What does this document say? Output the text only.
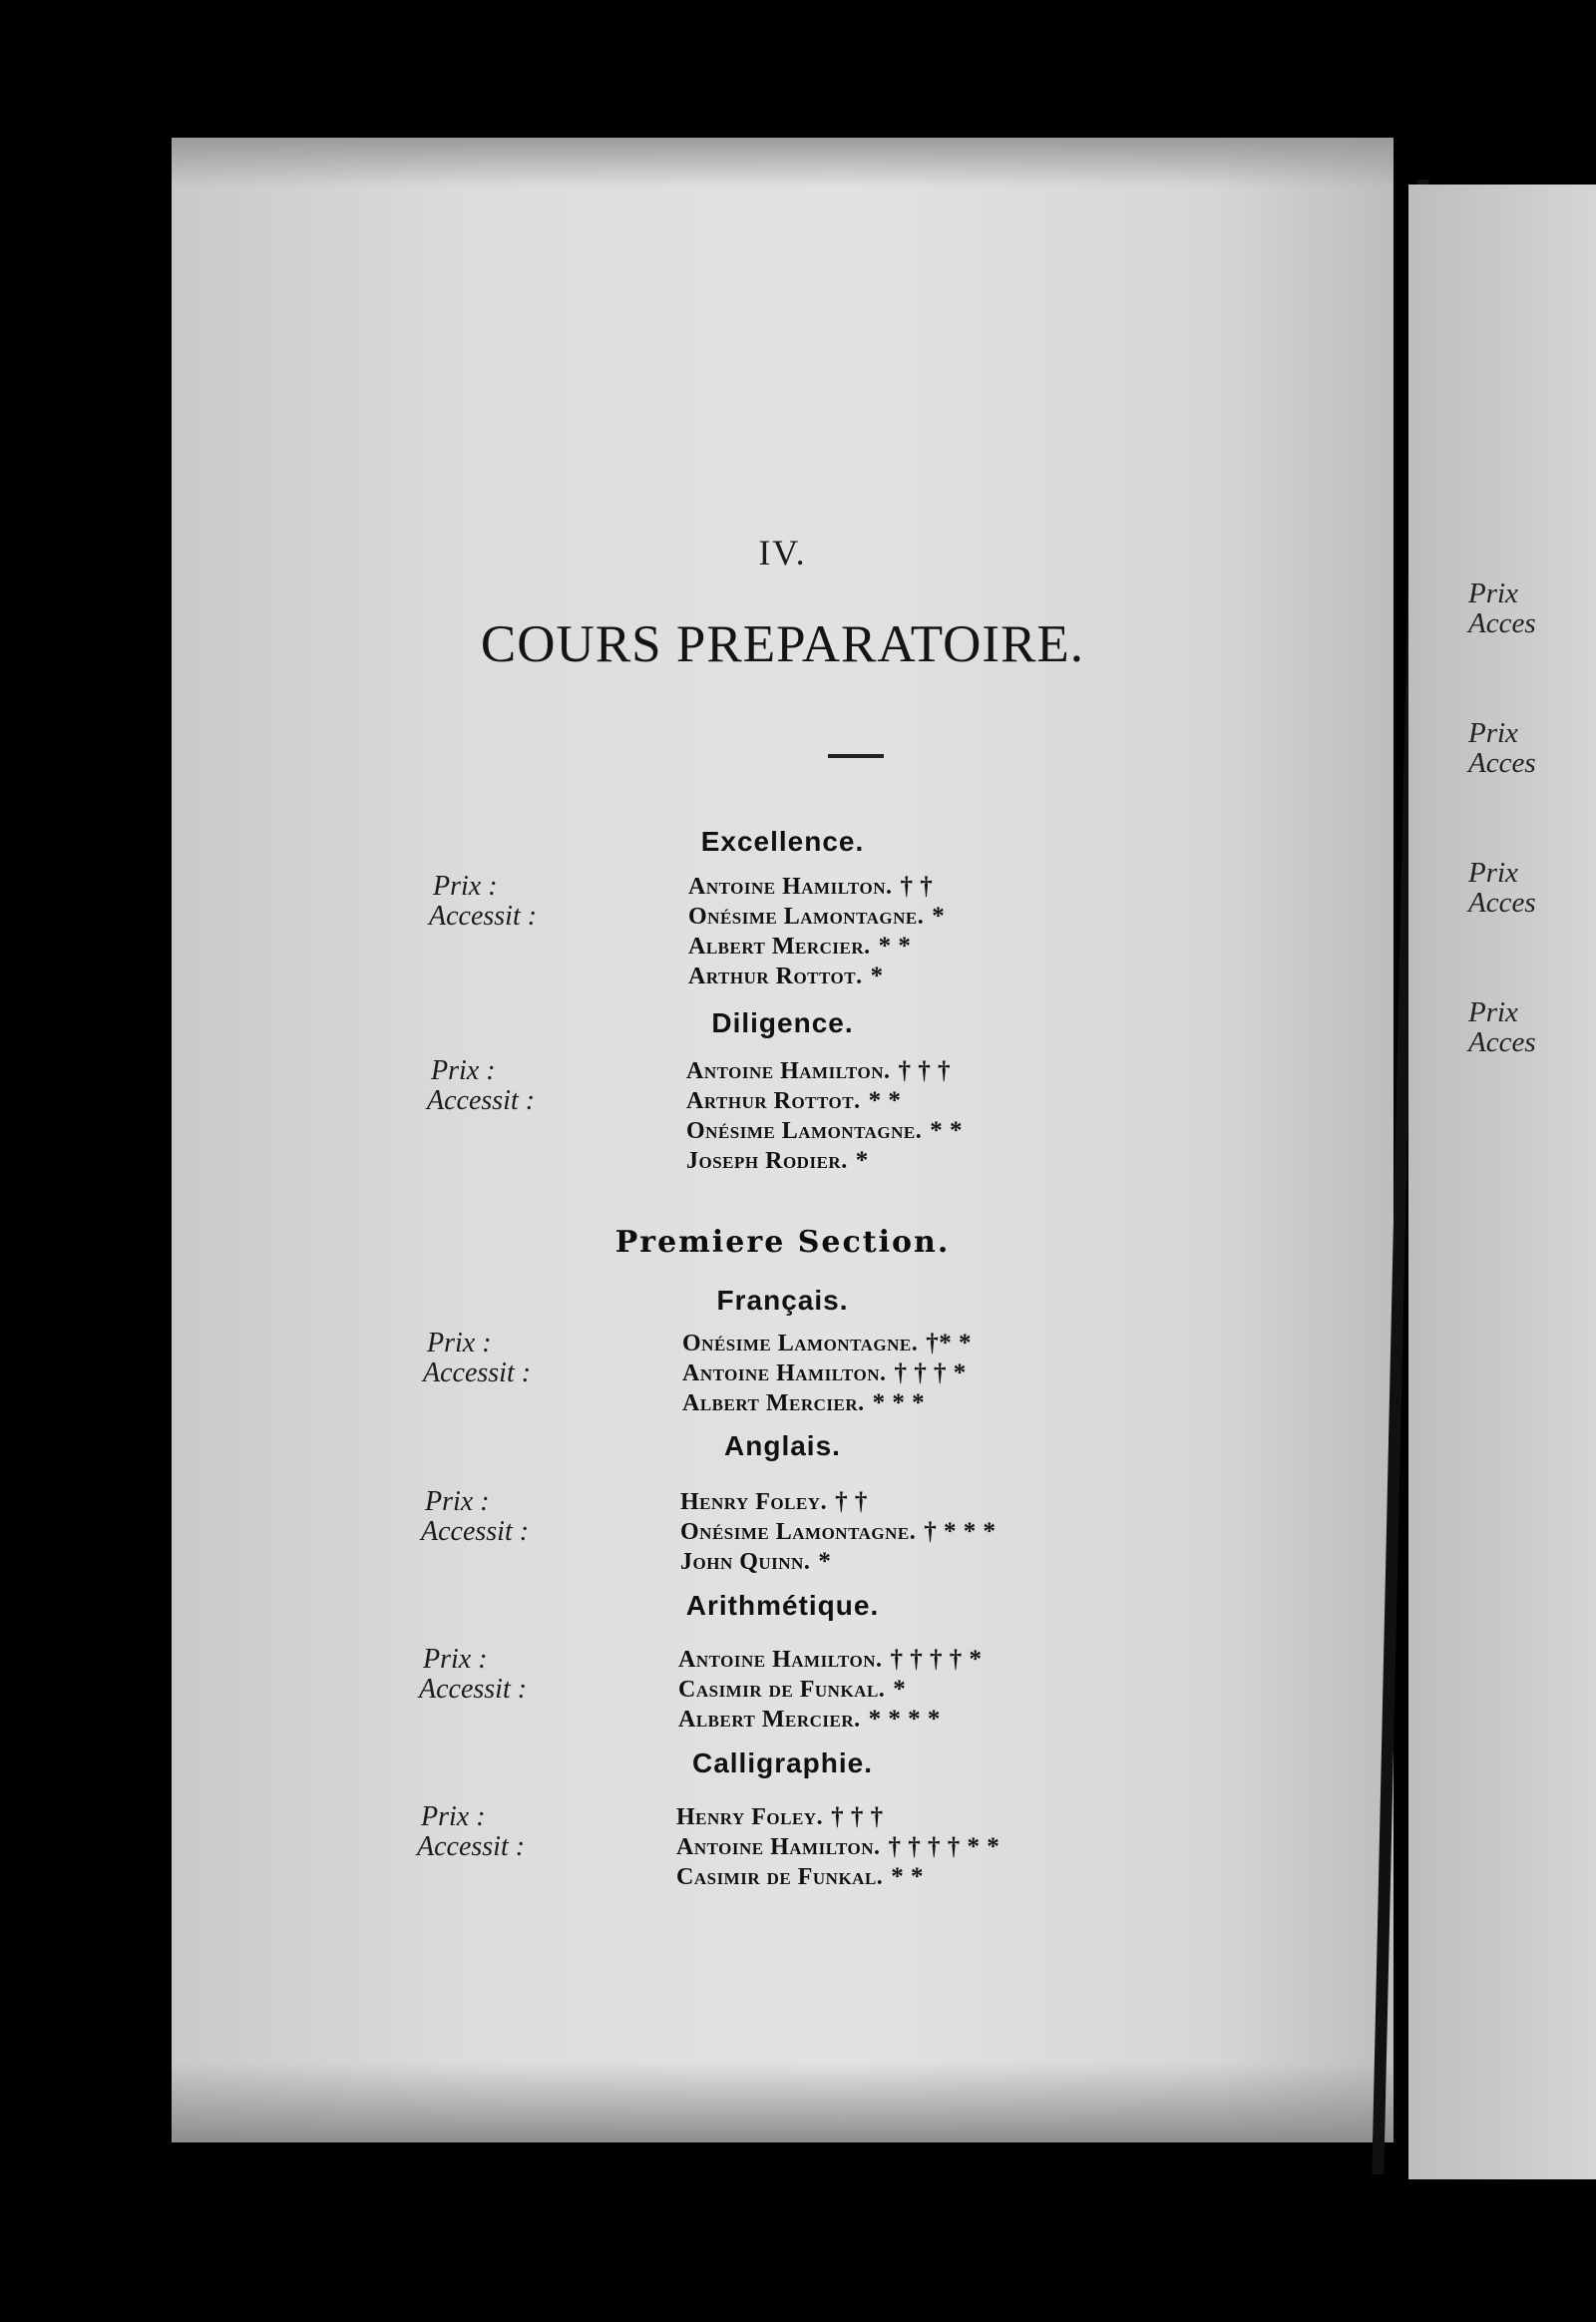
IV.
COURS PREPARATOIRE.
Excellence.
Prix :
Accessit :
Antoine Hamilton. † †
Onésime Lamontagne. *
Albert Mercier. * *
Arthur Rottot. *
Diligence.
Prix :
Accessit :
Antoine Hamilton. † † †
Arthur Rottot. * *
Onésime Lamontagne. * *
Joseph Rodier. *
Premiere Section.
Français.
Prix :
Accessit :
Onésime Lamontagne. †* *
Antoine Hamilton. † † † *
Albert Mercier. * * *
Anglais.
Prix :
Accessit :
Henry Foley. † †
Onésime Lamontagne. † * * *
John Quinn. *
Arithmétique.
Prix :
Accessit :
Antoine Hamilton. † † † † *
Casimir de Funkal. *
Albert Mercier. * * * *
Calligraphie.
Prix :
Accessit :
Henry Foley. † † †
Antoine Hamilton. † † † † * *
Casimir de Funkal. * *
Prix
Acces
Prix
Acces
Prix
Acces
Prix
Acces
